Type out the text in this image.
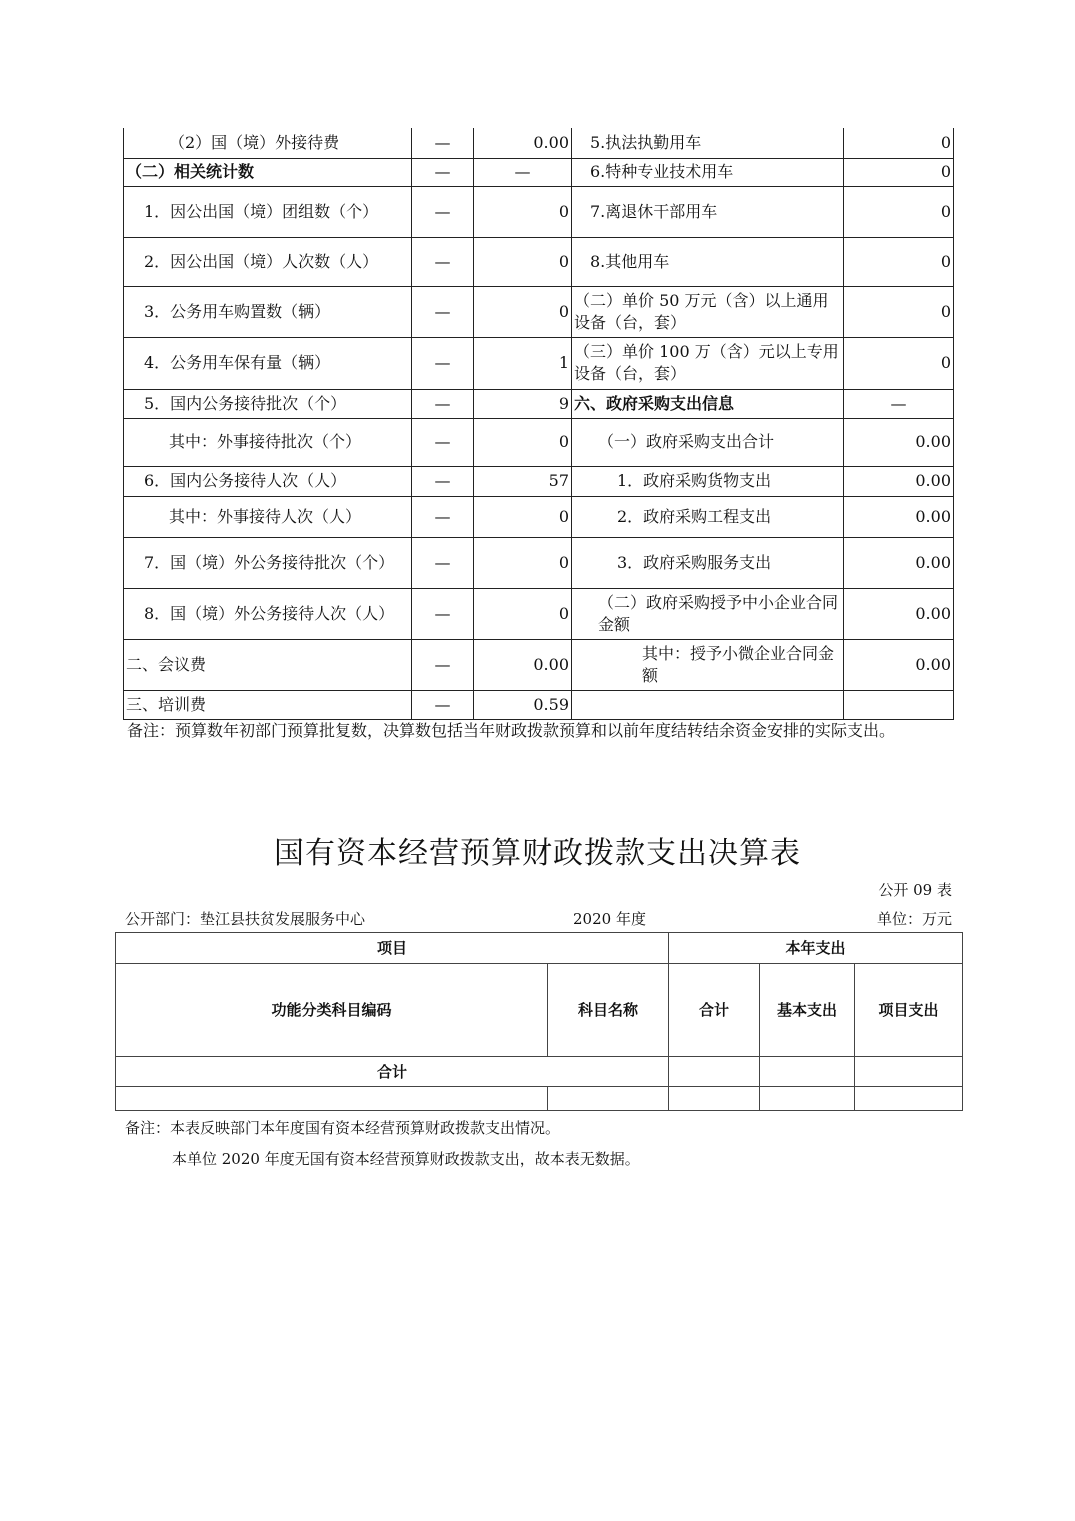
（2）国（境）外接待费	—	0.00	5.执法执勤用车	0
（二）相关统计数	—	—	6.特种专业技术用车	0
1．因公出国（境）团组数（个）	—	0	7.离退休干部用车	0
2．因公出国（境）人次数（人）	—	0	8.其他用车	0
3．公务用车购置数（辆）	—	0	（二）单价 50 万元（含）以上通用设备（台，套）	0
4．公务用车保有量（辆）	—	1	（三）单价 100 万（含）元以上专用设备（台，套）	0
5．国内公务接待批次（个）	—	9	六、政府采购支出信息	—
其中：外事接待批次（个）	—	0	（一）政府采购支出合计	0.00
6．国内公务接待人次（人）	—	57	1．政府采购货物支出	0.00
其中：外事接待人次（人）	—	0	2．政府采购工程支出	0.00
7．国（境）外公务接待批次（个）	—	0	3．政府采购服务支出	0.00
8．国（境）外公务接待人次（人）	—	0	（二）政府采购授予中小企业合同金额	0.00
二、会议费	—	0.00	其中：授予小微企业合同金额	0.00
三、培训费	—	0.59		
备注：预算数年初部门预算批复数，决算数包括当年财政拨款预算和以前年度结转结余资金安排的实际支出。
国有资本经营预算财政拨款支出决算表
公开 09 表
公开部门：垫江县扶贫发展服务中心	2020 年度	单位：万元
项目		本年支出		
功能分类科目编码	科目名称	合计	基本支出	项目支出
合计				

备注：本表反映部门本年度国有资本经营预算财政拨款支出情况。
本单位 2020 年度无国有资本经营预算财政拨款支出，故本表无数据。
